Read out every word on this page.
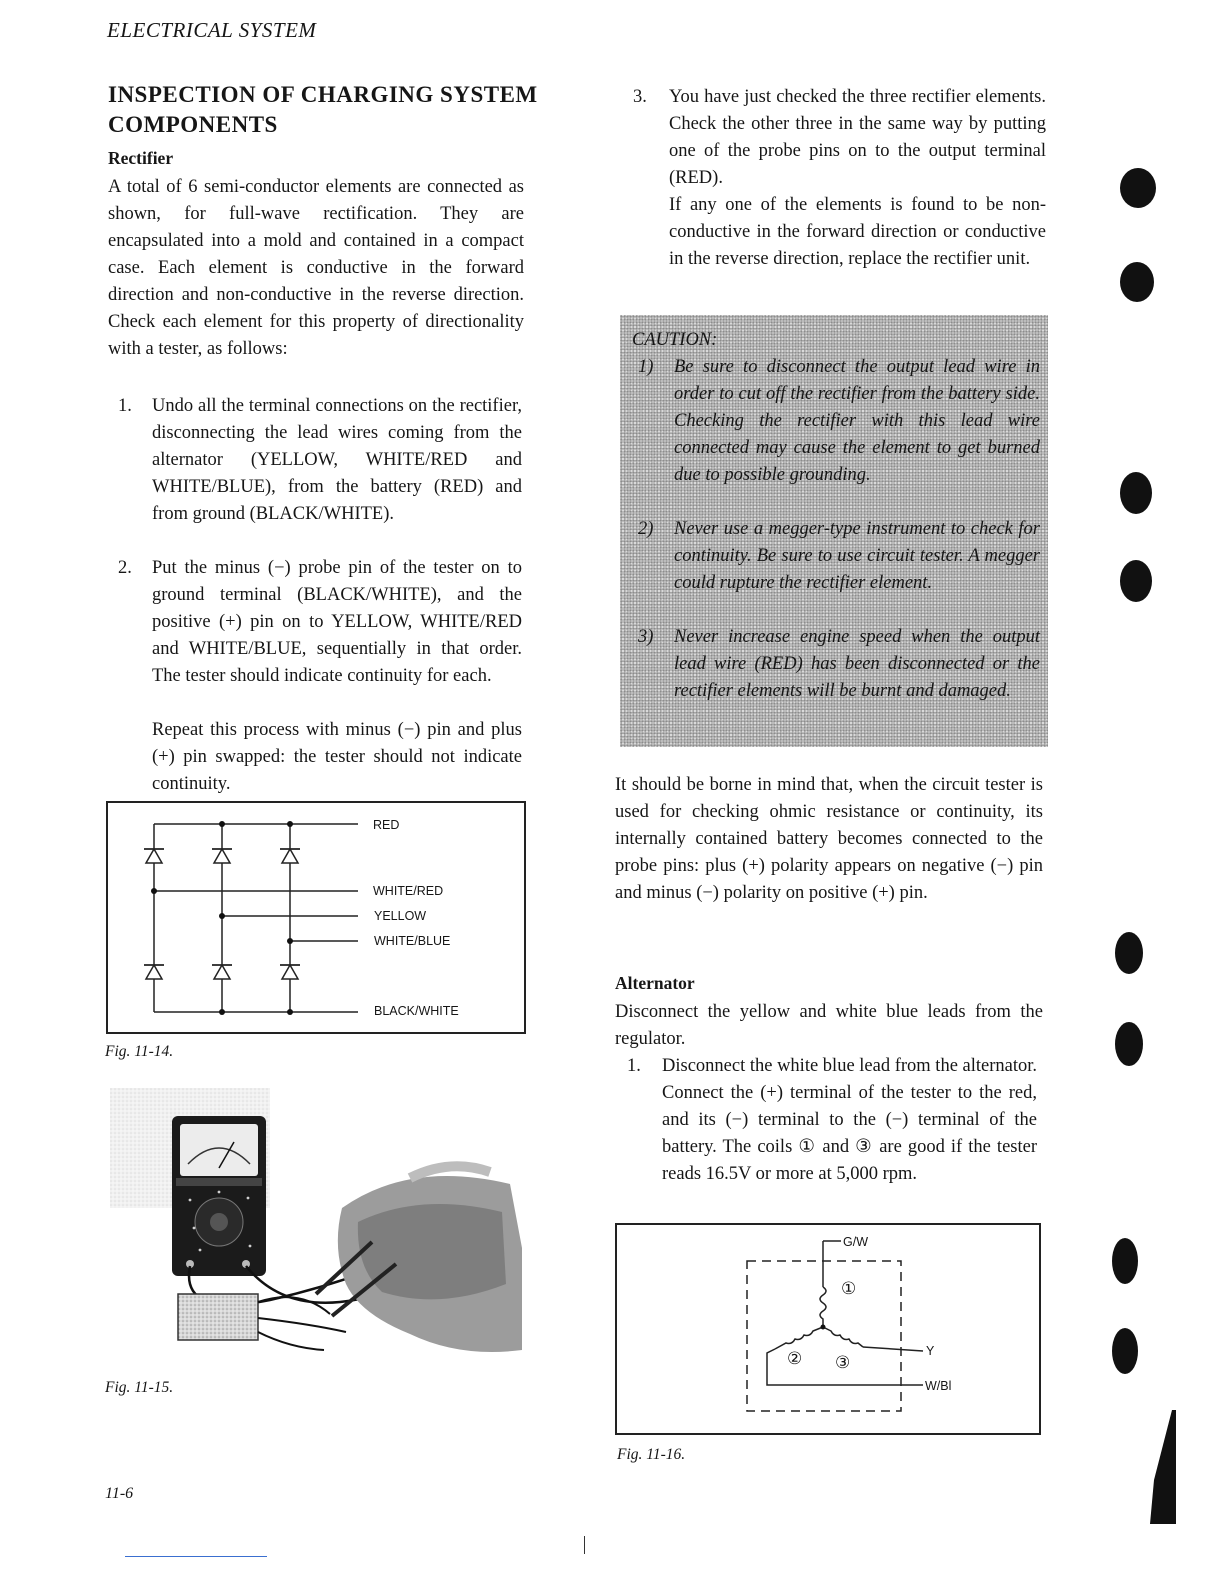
ELECTRICAL SYSTEM
INSPECTION OF CHARGING SYSTEM COMPONENTS
Rectifier
A total of 6 semi-conductor elements are connected as shown, for full-wave rectification. They are encapsulated into a mold and contained in a compact case. Each element is conductive in the forward direction and non-conductive in the reverse direction. Check each element for this property of directionality with a tester, as follows:
1. Undo all the terminal connections on the rectifier, disconnecting the lead wires coming from the alternator (YELLOW, WHITE/RED and WHITE/BLUE), from the battery (RED) and from ground (BLACK/WHITE).
2. Put the minus (−) probe pin of the tester on to ground terminal (BLACK/WHITE), and the positive (+) pin on to YELLOW, WHITE/RED and WHITE/BLUE, sequentially in that order. The tester should indicate continuity for each.
Repeat this process with minus (−) pin and plus (+) pin swapped: the tester should not indicate continuity.
RED
WHITE/RED
YELLOW
WHITE/BLUE
BLACK/WHITE
Fig. 11-14.
Fig. 11-15.
3. You have just checked the three rectifier elements. Check the other three in the same way by putting one of the probe pins on to the output terminal (RED).
If any one of the elements is found to be non-conductive in the forward direction or conductive in the reverse direction, replace the rectifier unit.
CAUTION:
1) Be sure to disconnect the output lead wire in order to cut off the rectifier from the battery side. Checking the rectifier with this lead wire connected may cause the element to get burned due to possible grounding.
2) Never use a megger-type instrument to check for continuity. Be sure to use circuit tester. A megger could rupture the rectifier element.
3) Never increase engine speed when the output lead wire (RED) has been disconnected or the rectifier elements will be burnt and damaged.
It should be borne in mind that, when the circuit tester is used for checking ohmic resistance or continuity, its internally contained battery becomes connected to the probe pins: plus (+) polarity appears on negative (−) pin and minus (−) polarity on positive (+) pin.
Alternator
Disconnect the yellow and white blue leads from the regulator.
1. Disconnect the white blue lead from the alternator. Connect the (+) terminal of the tester to the red, and its (−) terminal to the (−) terminal of the battery. The coils ① and ③ are good if the tester reads 16.5V or more at 5,000 rpm.
G/W
①
② ③
Y
W/Bl
Fig. 11-16.
11-6
